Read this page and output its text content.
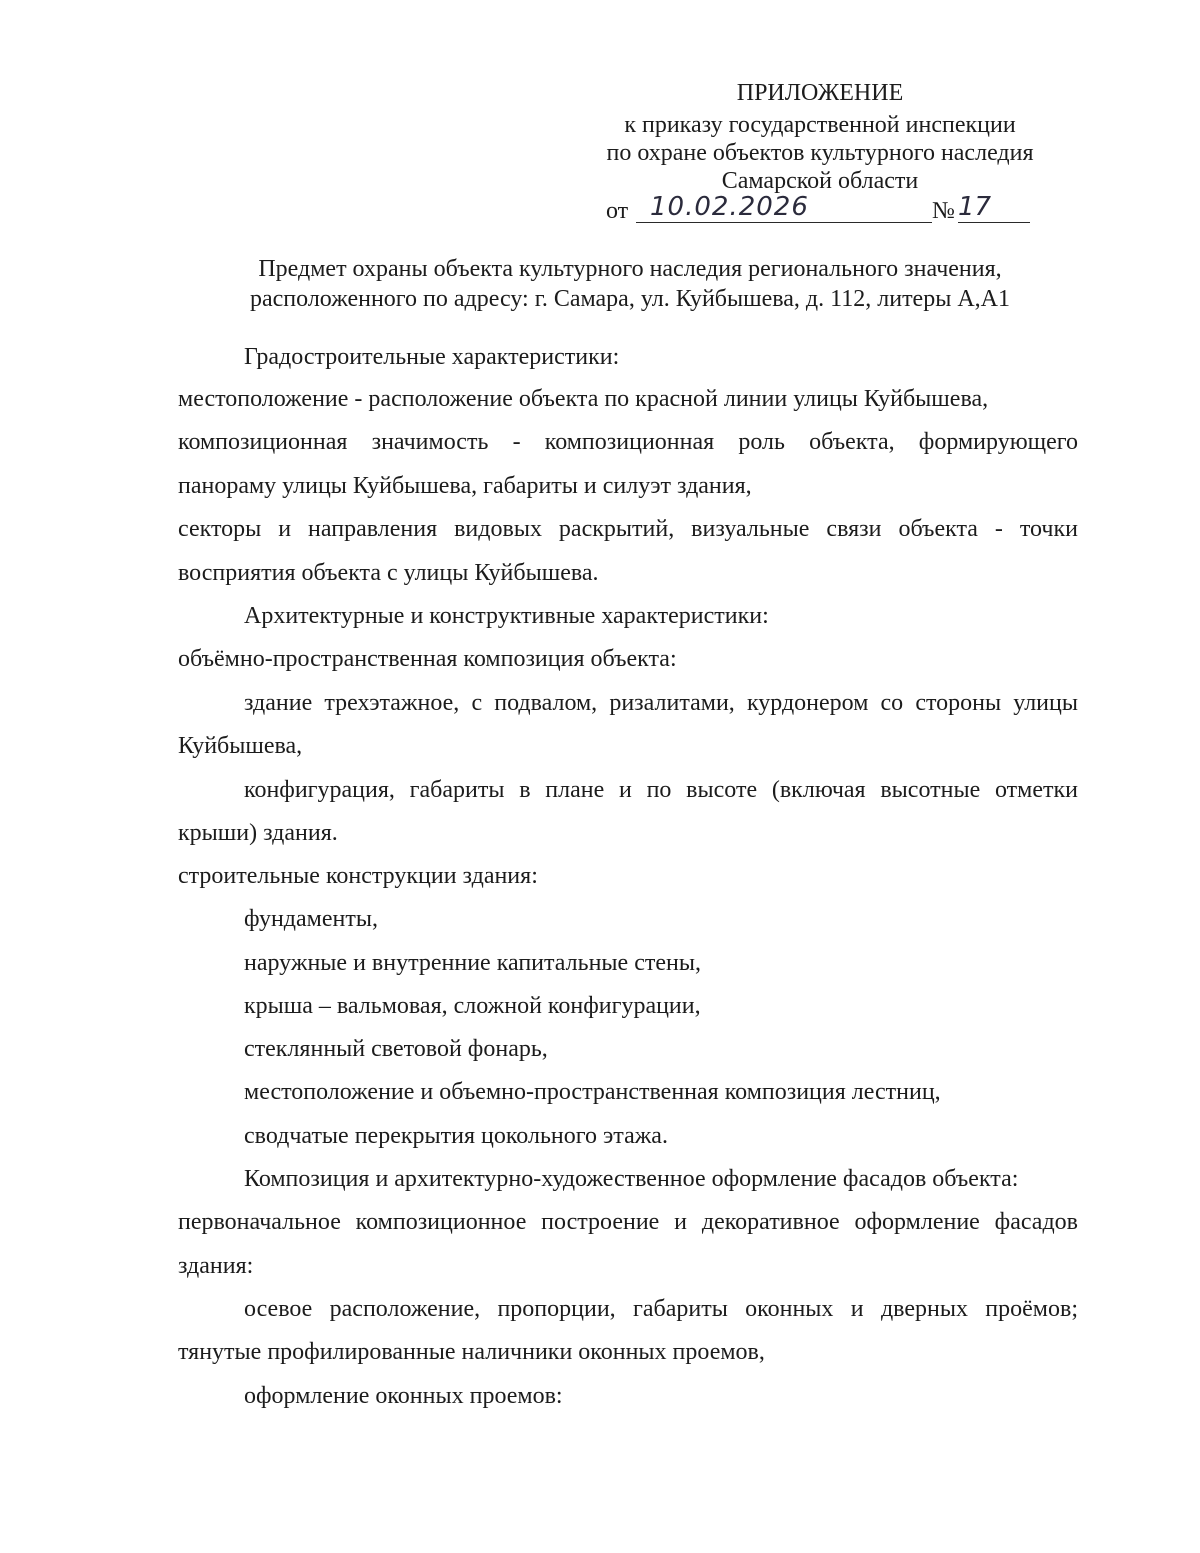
ПРИЛОЖЕНИЕ
к приказу государственной инспекции
по охране объектов культурного наследия
Самарской области
от 10.02.2026	№ 17
Предмет охраны объекта культурного наследия регионального значения,
расположенного по адресу: г. Самара, ул. Куйбышева, д. 112, литеры А,А1
Градостроительные характеристики:
местоположение - расположение объекта по красной линии улицы Куйбышева,
композиционная значимость - композиционная роль объекта, формирующего
панораму улицы Куйбышева, габариты и силуэт здания,
секторы и направления видовых раскрытий, визуальные связи объекта - точки
восприятия объекта с улицы Куйбышева.
Архитектурные и конструктивные характеристики:
объёмно-пространственная композиция объекта:
здание трехэтажное, с подвалом, ризалитами, курдонером со стороны улицы
Куйбышева,
конфигурация, габариты в плане и по высоте (включая высотные отметки
крыши) здания.
строительные конструкции здания:
фундаменты,
наружные и внутренние капитальные стены,
крыша – вальмовая, сложной конфигурации,
стеклянный световой фонарь,
местоположение и объемно-пространственная композиция лестниц,
сводчатые перекрытия цокольного этажа.
Композиция и архитектурно-художественное оформление фасадов объекта:
первоначальное композиционное построение и декоративное оформление фасадов
здания:
осевое расположение, пропорции, габариты оконных и дверных проёмов;
тянутые профилированные наличники оконных проемов,
оформление оконных проемов:
